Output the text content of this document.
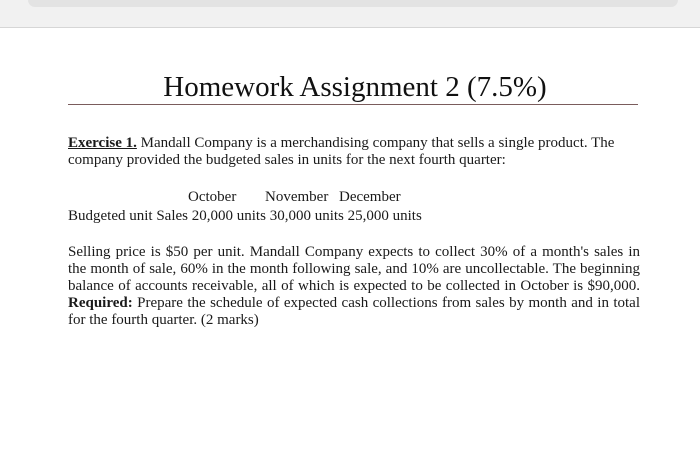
Homework Assignment 2 (7.5%)

Exercise 1. Mandall Company is a merchandising company that sells a single product. The company provided the budgeted sales in units for the next fourth quarter:

October November December
Budgeted unit Sales 20,000 units 30,000 units 25,000 units

Selling price is $50 per unit. Mandall Company expects to collect 30% of a month's sales in the month of sale, 60% in the month following sale, and 10% are uncollectable. The beginning balance of accounts receivable, all of which is expected to be collected in October is $90,000. Required: Prepare the schedule of expected cash collections from sales by month and in total for the fourth quarter. (2 marks)
